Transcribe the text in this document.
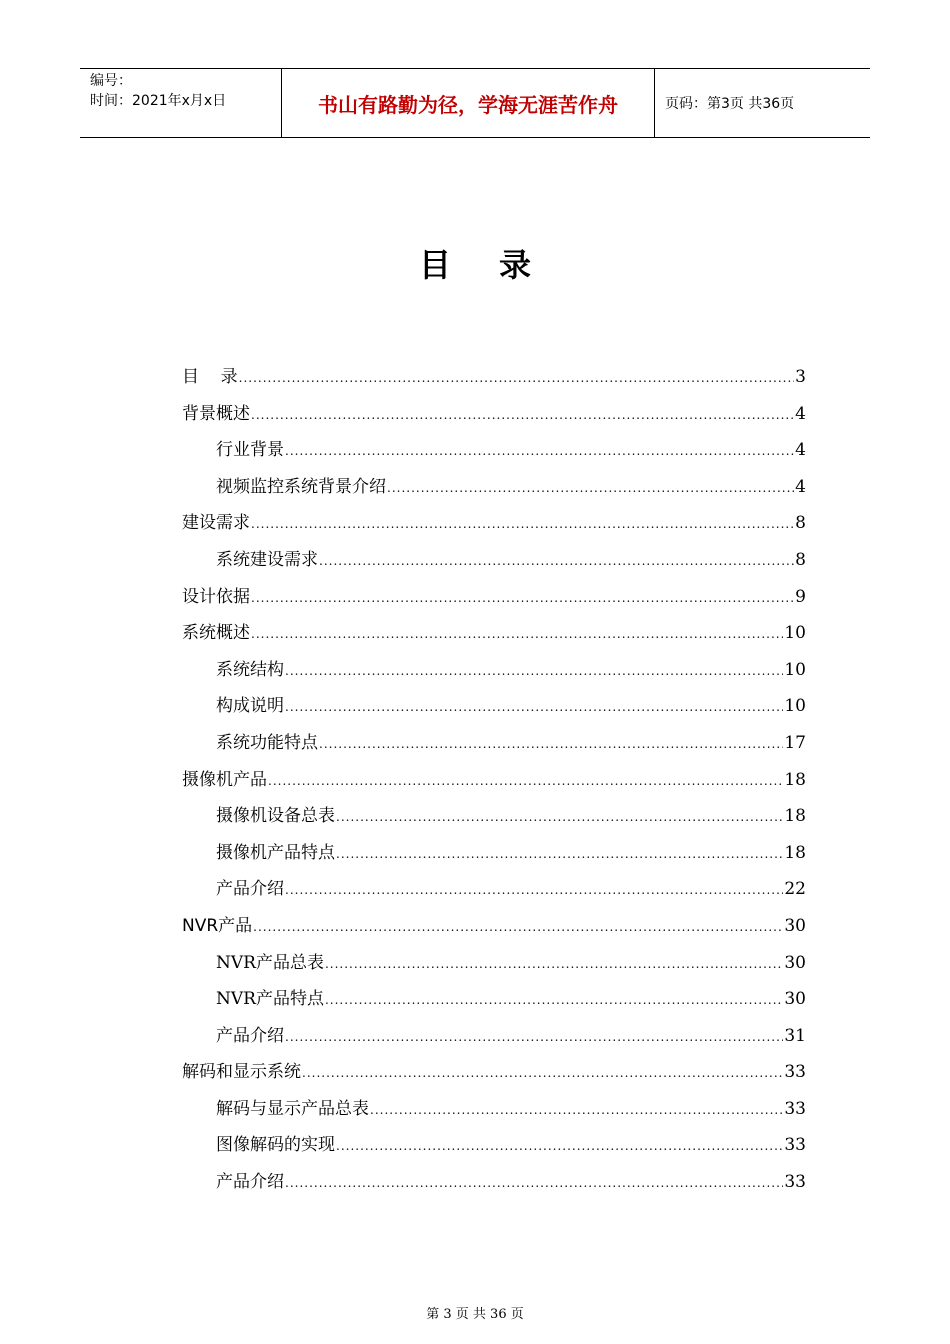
编号：
时间：2021年x月x日	书山有路勤为径，学海无涯苦作舟	页码：第3页 共36页
目录
目    录 .....	3
背景概述 .....	4
行业背景 .....	4
视频监控系统背景介绍 .....	4
建设需求 .....	8
系统建设需求 .....	8
设计依据 .....	9
系统概述 .....	10
系统结构 .....	10
构成说明 .....	10
系统功能特点 .....	17
摄像机产品 .....	18
摄像机设备总表 .....	18
摄像机产品特点 .....	18
产品介绍 .....	22
NVR产品 .....	30
NVR产品总表 .....	30
NVR产品特点 .....	30
产品介绍 .....	31
解码和显示系统 .....	33
解码与显示产品总表 .....	33
图像解码的实现 .....	33
产品介绍 .....	33
第 3 页 共 36 页
